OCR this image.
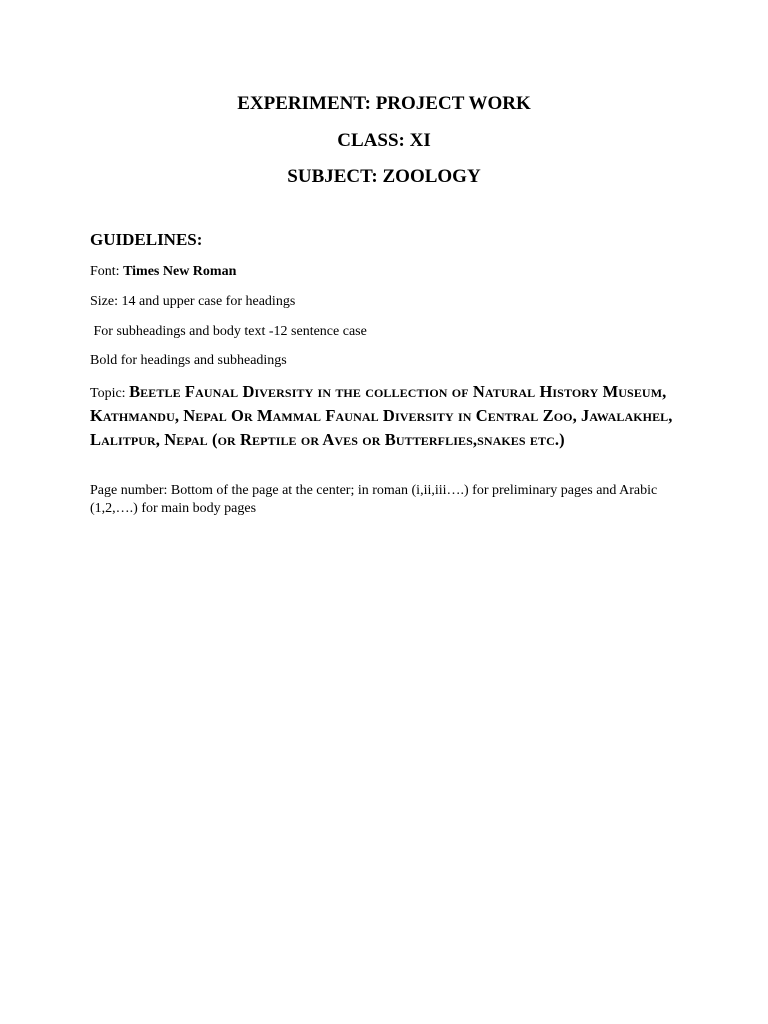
EXPERIMENT: PROJECT WORK
CLASS: XI
SUBJECT: ZOOLOGY
GUIDELINES:
Font: Times New Roman
Size: 14 and upper case for headings
For subheadings and body text -12 sentence case
Bold for headings and subheadings
Topic: Beetle Faunal Diversity in the collection of Natural History Museum, Kathmandu, Nepal Or Mammal Faunal Diversity in Central Zoo, Jawalakhel, Lalitpur, Nepal (or Reptile or Aves or Butterflies,snakes etc.)
Page number: Bottom of the page at the center; in roman (i,ii,iii….) for preliminary pages and Arabic (1,2,….) for main body pages
